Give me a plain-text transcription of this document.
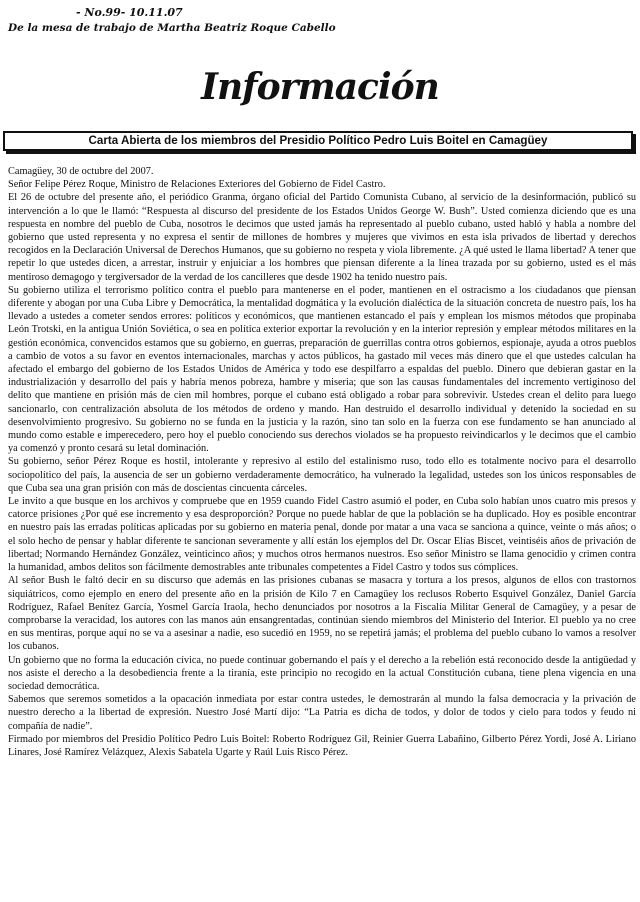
- No.99- 10.11.07
De la mesa de trabajo de Martha Beatriz Roque Cabello
Información
Carta Abierta de los miembros del Presidio Político Pedro Luis Boitel en Camagüey

Camagüey, 30 de octubre del 2007.

Señor Felipe Pérez Roque, Ministro de Relaciones Exteriores del Gobierno de Fidel Castro.

El 26 de octubre del presente año, el periódico Granma, órgano oficial del Partido Comunista Cubano, al servicio de la desinformación, publicó su intervención a lo que le llamó: “Respuesta al discurso del presidente de los Estados Unidos George W. Bush”. Usted comienza diciendo que es una respuesta en nombre del pueblo de Cuba, nosotros le decimos que usted jamás ha representado al pueblo cubano, usted habló y habla a nombre del gobierno que usted representa y no expresa el sentir de millones de hombres y mujeres que vivimos en esta isla privados de libertad y derechos recogidos en la Declaración Universal de Derechos Humanos, que su gobierno no respeta y viola libremente. ¿A qué usted le llama libertad? A tener que repetir lo que ustedes dicen, a arrestar, instruir y enjuiciar a los hombres que piensan diferente a la línea trazada por su gobierno, usted es el más mentiroso demagogo y tergiversador de la verdad de los cancilleres que desde 1902 ha tenido nuestro país.

Su gobierno utiliza el terrorismo político contra el pueblo para mantenerse en el poder, mantienen en el ostracismo a los ciudadanos que piensan diferente y abogan por una Cuba Libre y Democrática, la mentalidad dogmática y la evolución dialéctica de la situación concreta de nuestro país, los ha llevado a ustedes a cometer sendos errores: políticos y económicos, que mantienen estancado el país y emplean los mismos métodos que propinaba León Trotski, en la antigua Unión Soviética, o sea en política exterior exportar la revolución y en la interior represión y emplear métodos militares en la gestión económica, convencidos estamos que su gobierno, en guerras, preparación de guerrillas contra otros gobiernos, espionaje, ayuda a otros pueblos a cambio de votos a su favor en eventos internacionales, marchas y actos públicos, ha gastado mil veces más dinero que el que ustedes calculan ha afectado el embargo del gobierno de los Estados Unidos de América y todo ese despilfarro a espaldas del pueblo. Dinero que debieran gastar en la industrialización y desarrollo del país y habría menos pobreza, hambre y miseria; que son las causas fundamentales del incremento vertiginoso del delito que mantiene en prisión más de cien mil hombres, porque el cubano está obligado a robar para sobrevivir. Ustedes crean el delito para luego sancionarlo, con centralización absoluta de los métodos de ordeno y mando. Han destruido el desarrollo individual y detenido la sociedad en su desenvolvimiento progresivo. Su gobierno no se funda en la justicia y la razón, sino tan solo en la fuerza con ese fundamento se han anunciado al mundo como estable e imperecedero, pero hoy el pueblo conociendo sus derechos violados se ha propuesto reivindicarlos y le decimos que el cambio ya comenzó y pronto cesará su letal dominación.

Su gobierno, señor Pérez Roque es hostil, intolerante y represivo al estilo del estalinismo ruso, todo ello es totalmente nocivo para el desarrollo sociopolítico del país, la ausencia de ser un gobierno verdaderamente democrático, ha vulnerado la legalidad, ustedes son los únicos responsables de que Cuba sea una gran prisión con más de doscientas cincuenta cárceles.

Le invito a que busque en los archivos y compruebe que en 1959 cuando Fidel Castro asumió el poder, en Cuba solo habían unos cuatro mis presos y catorce prisiones ¿Por qué ese incremento y esa desproporción? Porque no puede hablar de que la población se ha duplicado. Hoy es posible encontrar en nuestro país las erradas políticas aplicadas por su gobierno en materia penal, donde por matar a una vaca se sanciona a quince, veinte o más años; o el solo hecho de pensar y hablar diferente te sancionan severamente y allí están los ejemplos del Dr. Oscar Elías Biscet, veintiséis años de privación de libertad; Normando Hernández González, veinticinco años; y muchos otros hermanos nuestros. Eso señor Ministro se llama genocidio y crimen contra la humanidad, ambos delitos son fácilmente demostrables ante tribunales competentes a Fidel Castro y todos sus cómplices.

Al señor Bush le faltó decir en su discurso que además en las prisiones cubanas se masacra y tortura a los presos, algunos de ellos con trastornos siquiátricos, como ejemplo en enero del presente año en la prisión de Kilo 7 en Camagüey los reclusos Roberto Esquivel González, Daniel García Rodríguez, Rafael Benítez García, Yosmel García Iraola, hecho denunciados por nosotros a la Fiscalía Militar General de Camagüey, y a pesar de comprobarse la veracidad, los autores con las manos aún ensangrentadas, continúan siendo miembros del Ministerio del Interior. El pueblo ya no cree en sus mentiras, porque aquí no se va a asesinar a nadie, eso sucedió en 1959, no se repetirá jamás; el problema del pueblo cubano lo vamos a resolver los cubanos.

Un gobierno que no forma la educación cívica, no puede continuar gobernando el país y el derecho a la rebelión está reconocido desde la antigüedad y nos asiste el derecho a la desobediencia frente a la tiranía, este principio no recogido en la actual Constitución cubana, tiene plena vigencia en una sociedad democrática.

Sabemos que seremos sometidos a la opacación inmediata por estar contra ustedes, le demostrarán al mundo la falsa democracia y la privación de nuestro derecho a la libertad de expresión. Nuestro José Martí dijo: “La Patria es dicha de todos, y dolor de todos y cielo para todos y feudo ni compañía de nadie”.

Firmado por miembros del Presidio Político Pedro Luis Boitel: Roberto Rodríguez Gil, Reinier Guerra Labañino, Gilberto Pérez Yordi, José A. Liriano Linares, José Ramírez Velázquez, Alexis Sabatela Ugarte y Raúl Luis Risco Pérez.
